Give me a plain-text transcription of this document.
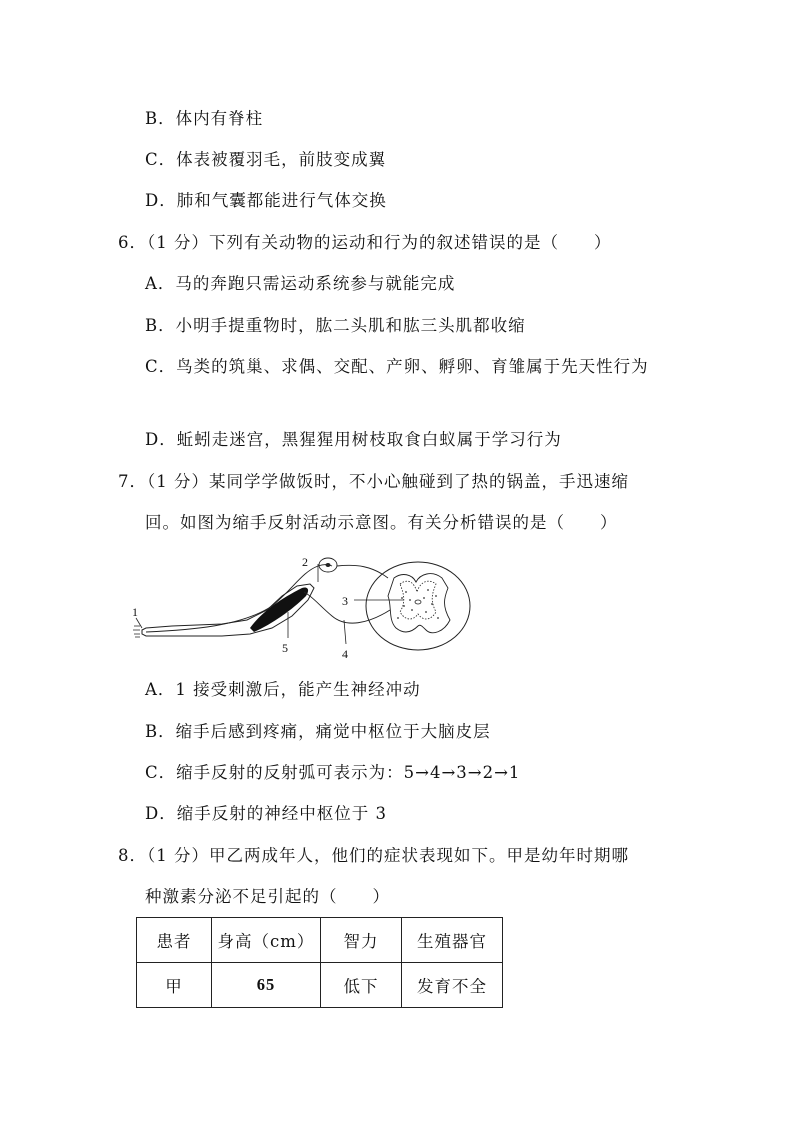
B．体内有脊柱
C．体表被覆羽毛，前肢变成翼
D．肺和气囊都能进行气体交换
6．（1 分）下列有关动物的运动和行为的叙述错误的是（　　）
A．马的奔跑只需运动系统参与就能完成
B．小明手提重物时，肱二头肌和肱三头肌都收缩
C．鸟类的筑巢、求偶、交配、产卵、孵卵、育雏属于先天性行为
D．蚯蚓走迷宫，黑猩猩用树枝取食白蚁属于学习行为
7．（1 分）某同学学做饭时，不小心触碰到了热的锅盖，手迅速缩
回。如图为缩手反射活动示意图。有关分析错误的是（　　）
1
2
3
4
5
A．1 接受刺激后，能产生神经冲动
B．缩手后感到疼痛，痛觉中枢位于大脑皮层
C．缩手反射的反射弧可表示为：5→4→3→2→1
D．缩手反射的神经中枢位于 3
8．（1 分）甲乙两成年人，他们的症状表现如下。甲是幼年时期哪
种激素分泌不足引起的（　　）
患者	身高（cm）	智力	生殖器官
甲	65	低下	发育不全
